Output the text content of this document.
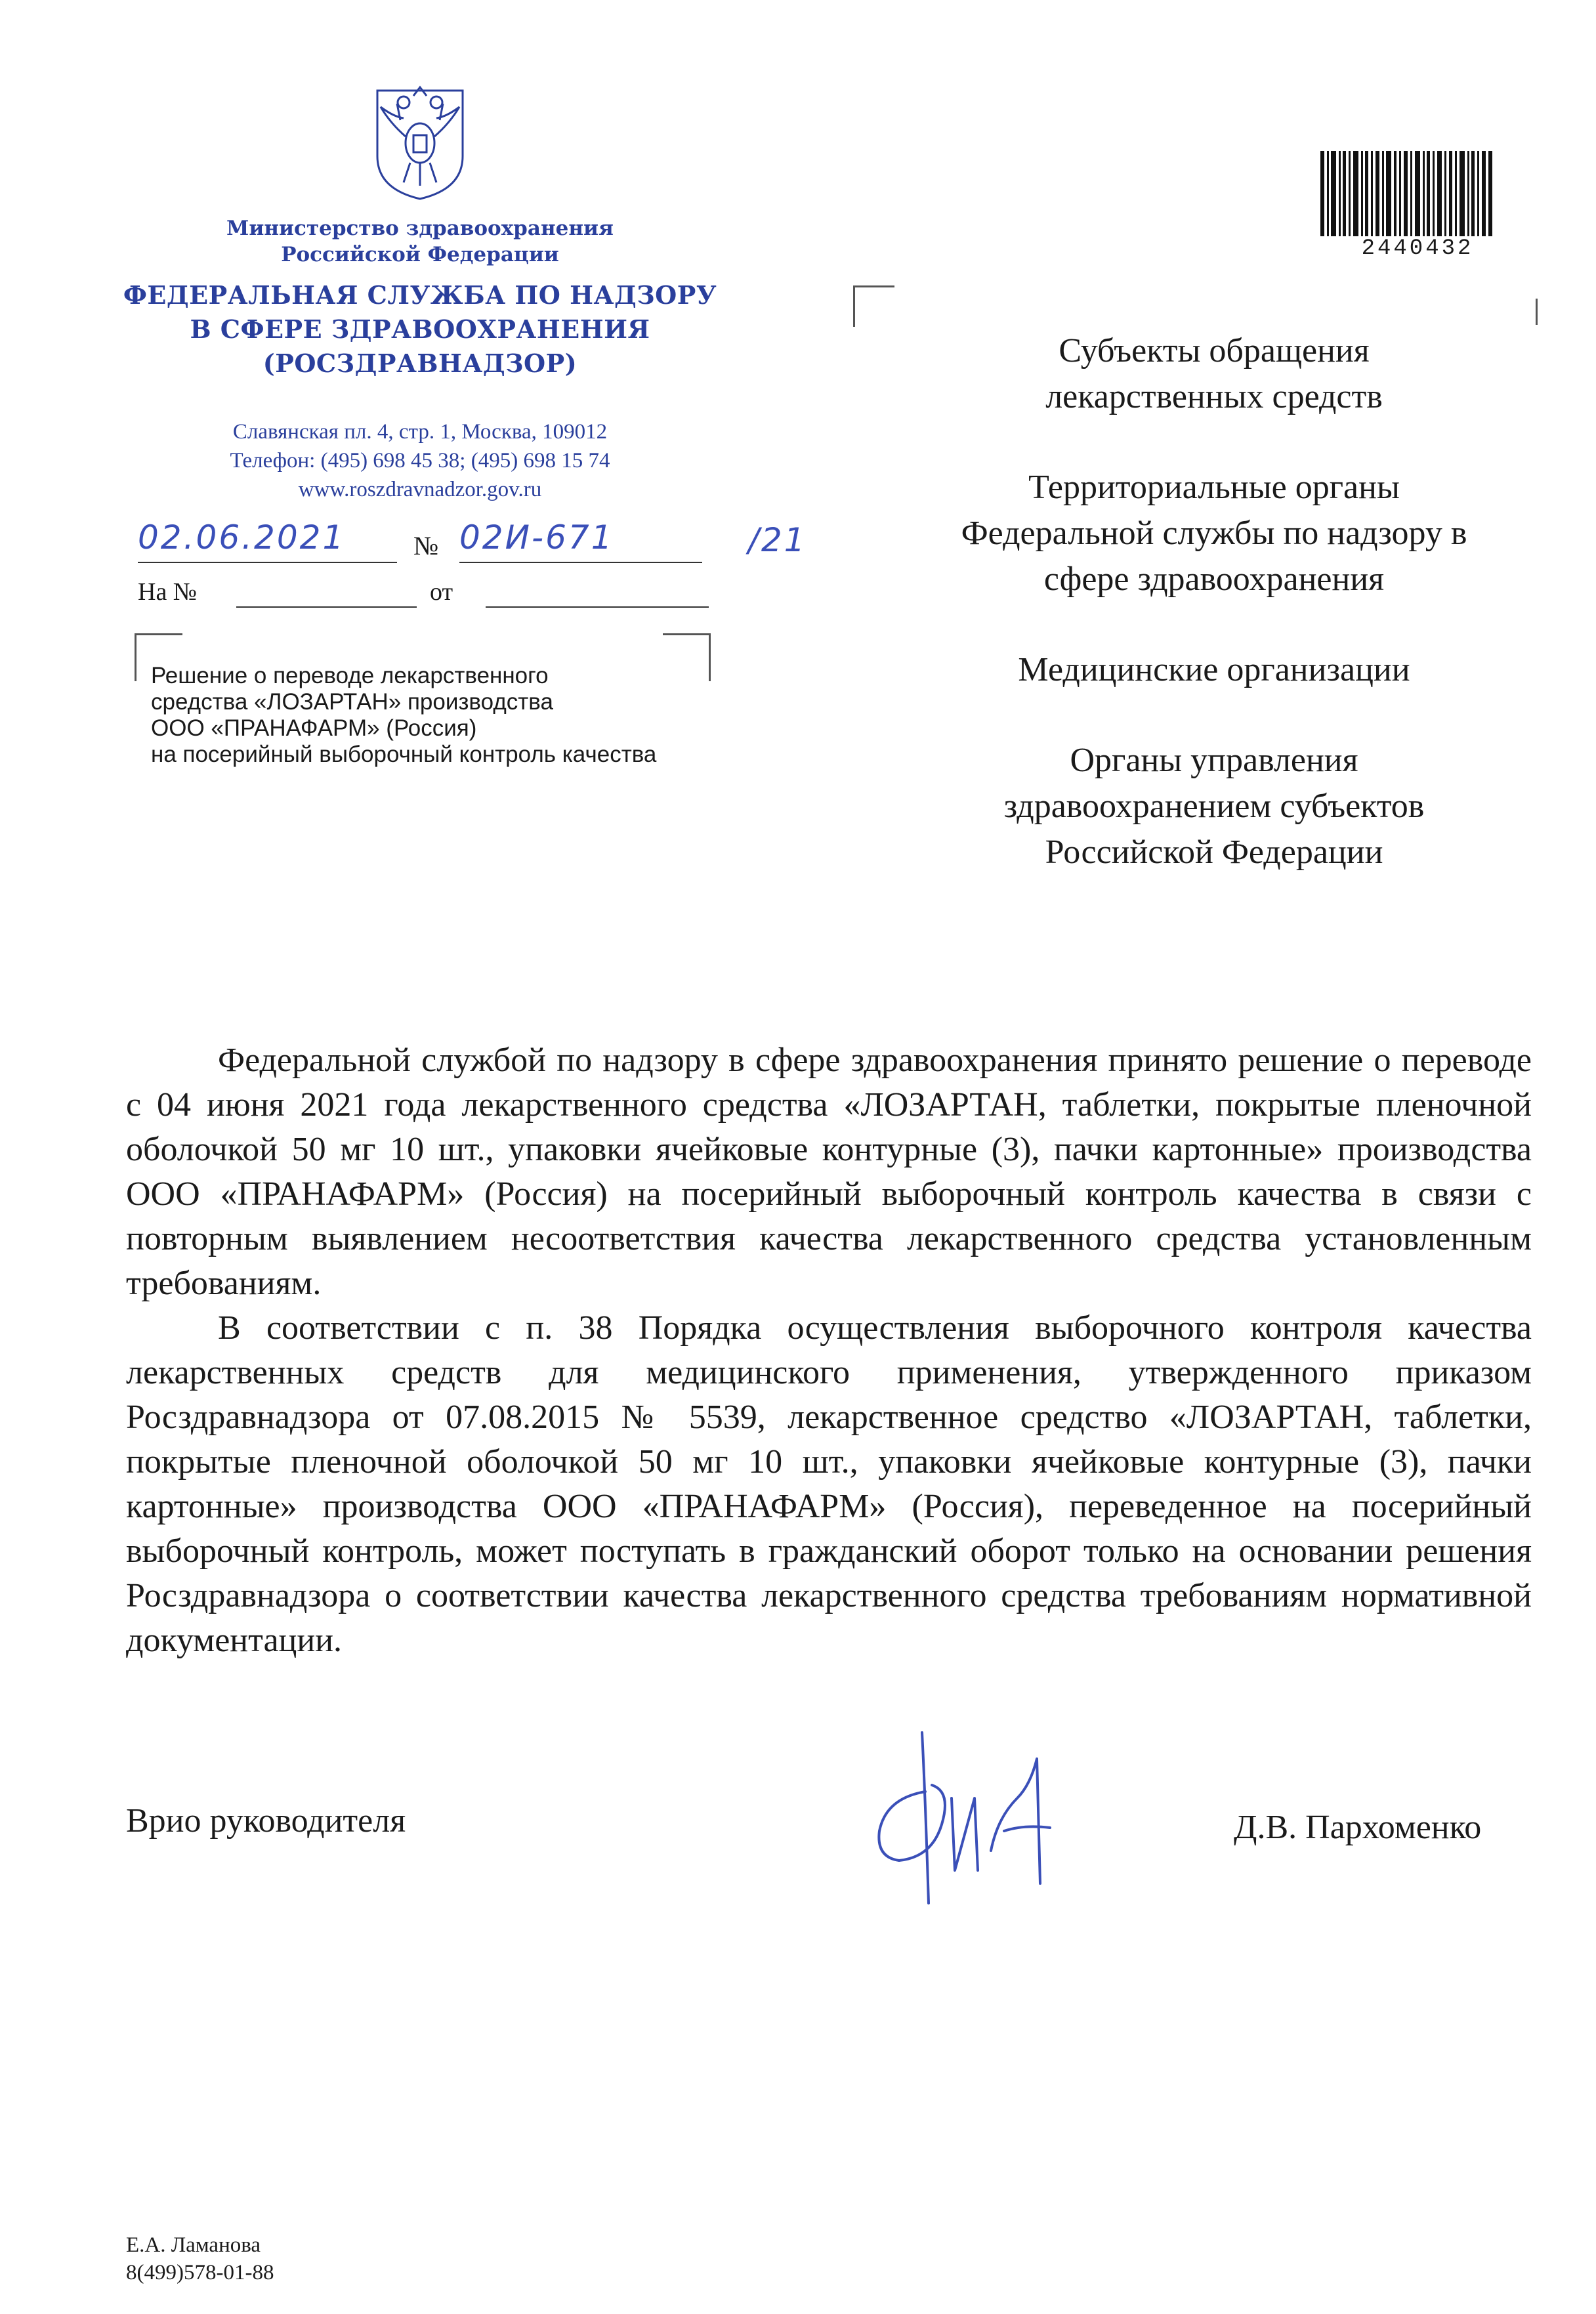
Министерство здравоохранения
Российской Федерации
ФЕДЕРАЛЬНАЯ СЛУЖБА ПО НАДЗОРУ
В СФЕРЕ ЗДРАВООХРАНЕНИЯ
(РОСЗДРАВНАДЗОР)
Славянская пл. 4, стр. 1, Москва, 109012
Телефон: (495) 698 45 38; (495) 698 15 74
www.roszdravnadzor.gov.ru
02.06.2021	№ 02И-671	/21
На №	от
Решение о переводе лекарственного
средства «ЛОЗАРТАН» производства
ООО «ПРАНАФАРМ» (Россия)
на посерийный выборочный контроль качества
2440432

Субъекты обращения
лекарственных средств

Территориальные органы
Федеральной службы по надзору в
сфере здравоохранения

Медицинские организации

Органы управления
здравоохранением субъектов
Российской Федерации

Федеральной службой по надзору в сфере здравоохранения принято решение о переводе с 04 июня 2021 года лекарственного средства «ЛОЗАРТАН, таблетки, покрытые пленочной оболочкой 50 мг 10 шт., упаковки ячейковые контурные (3), пачки картонные» производства ООО «ПРАНАФАРМ» (Россия) на посерийный выборочный контроль качества в связи с повторным выявлением несоответствия качества лекарственного средства установленным требованиям.

В соответствии с п. 38 Порядка осуществления выборочного контроля качества лекарственных средств для медицинского применения, утвержденного приказом Росздравнадзора от 07.08.2015 № 5539, лекарственное средство «ЛОЗАРТАН, таблетки, покрытые пленочной оболочкой 50 мг 10 шт., упаковки ячейковые контурные (3), пачки картонные» производства ООО «ПРАНАФАРМ» (Россия), переведенное на посерийный выборочный контроль, может поступать в гражданский оборот только на основании решения Росздравнадзора о соответствии качества лекарственного средства требованиям нормативной документации.

Врио руководителя	Д.В. Пархоменко
Е.А. Ламанова
8(499)578-01-88
